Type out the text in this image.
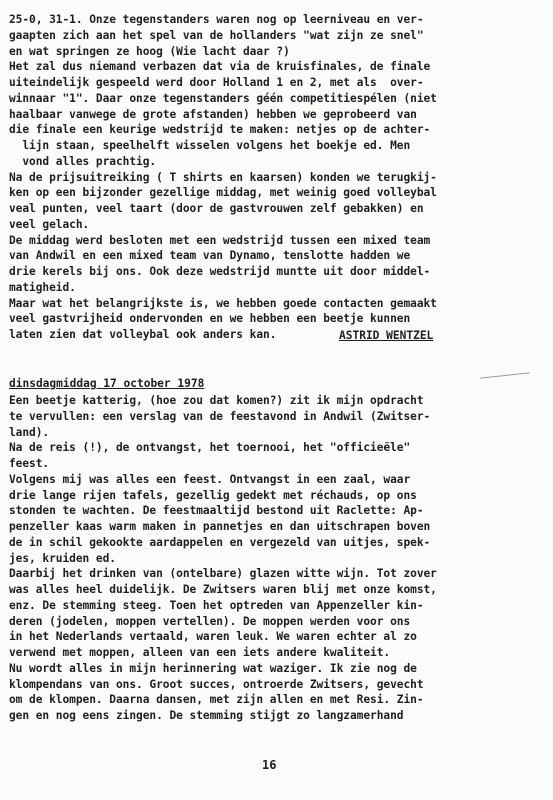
25-0, 31-1. Onze tegenstanders waren nog op leerniveau en ver-
gaapten zich aan het spel van de hollanders "wat zijn ze snel"
en wat springen ze hoog (Wie lacht daar ?)
Het zal dus niemand verbazen dat via de kruisfinales, de finale
uiteindelijk gespeeld werd door Holland 1 en 2, met als  over-
winnaar "1". Daar onze tegenstanders géén competitiespélen (niet
haalbaar vanwege de grote afstanden) hebben we geprobeerd van
die finale een keurige wedstrijd te maken: netjes op de achter-
lijn staan, speelhelft wisselen volgens het boekje ed. Men
vond alles prachtig.
Na de prijsuitreiking ( T shirts en kaarsen) konden we terugkij-
ken op een bijzonder gezellige middag, met weinig goed volleybal
veal punten, veel taart (door de gastvrouwen zelf gebakken) en
veel gelach.
De middag werd besloten met een wedstrijd tussen een mixed team
van Andwil en een mixed team van Dynamo, tenslotte hadden we
drie kerels bij ons. Ook deze wedstrijd muntte uit door middel-
matigheid.
Maar wat het belangrijkste is, we hebben goede contacten gemaakt
veel gastvrijheid ondervonden en we hebben een beetje kunnen
laten zien dat volleybal ook anders kan.	ASTRID WENTZEL
dinsdagmiddag 17 october 1978
Een beetje katterig, (hoe zou dat komen?) zit ik mijn opdracht
te vervullen: een verslag van de feestavond in Andwil (Zwitser-
land).
Na de reis (!), de ontvangst, het toernooi, het "officieële"
feest.
Volgens mij was alles een feest. Ontvangst in een zaal, waar
drie lange rijen tafels, gezellig gedekt met réchauds, op ons
stonden te wachten. De feestmaaltijd bestond uit Raclette: Ap-
penzeller kaas warm maken in pannetjes en dan uitschrapen boven
de in schil gekookte aardappelen en vergezeld van uitjes, spek-
jes, kruiden ed.
Daarbij het drinken van (ontelbare) glazen witte wijn. Tot zover
was alles heel duidelijk. De Zwitsers waren blij met onze komst,
enz. De stemming steeg. Toen het optreden van Appenzeller kin-
deren (jodelen, moppen vertellen). De moppen werden voor ons
in het Nederlands vertaald, waren leuk. We waren echter al zo
verwend met moppen, alleen van een iets andere kwaliteit.
Nu wordt alles in mijn herinnering wat waziger. Ik zie nog de
klompendans van ons. Groot succes, ontroerde Zwitsers, gevecht
om de klompen. Daarna dansen, met zijn allen en met Resi. Zin-
gen en nog eens zingen. De stemming stijgt zo langzamerhand
16
